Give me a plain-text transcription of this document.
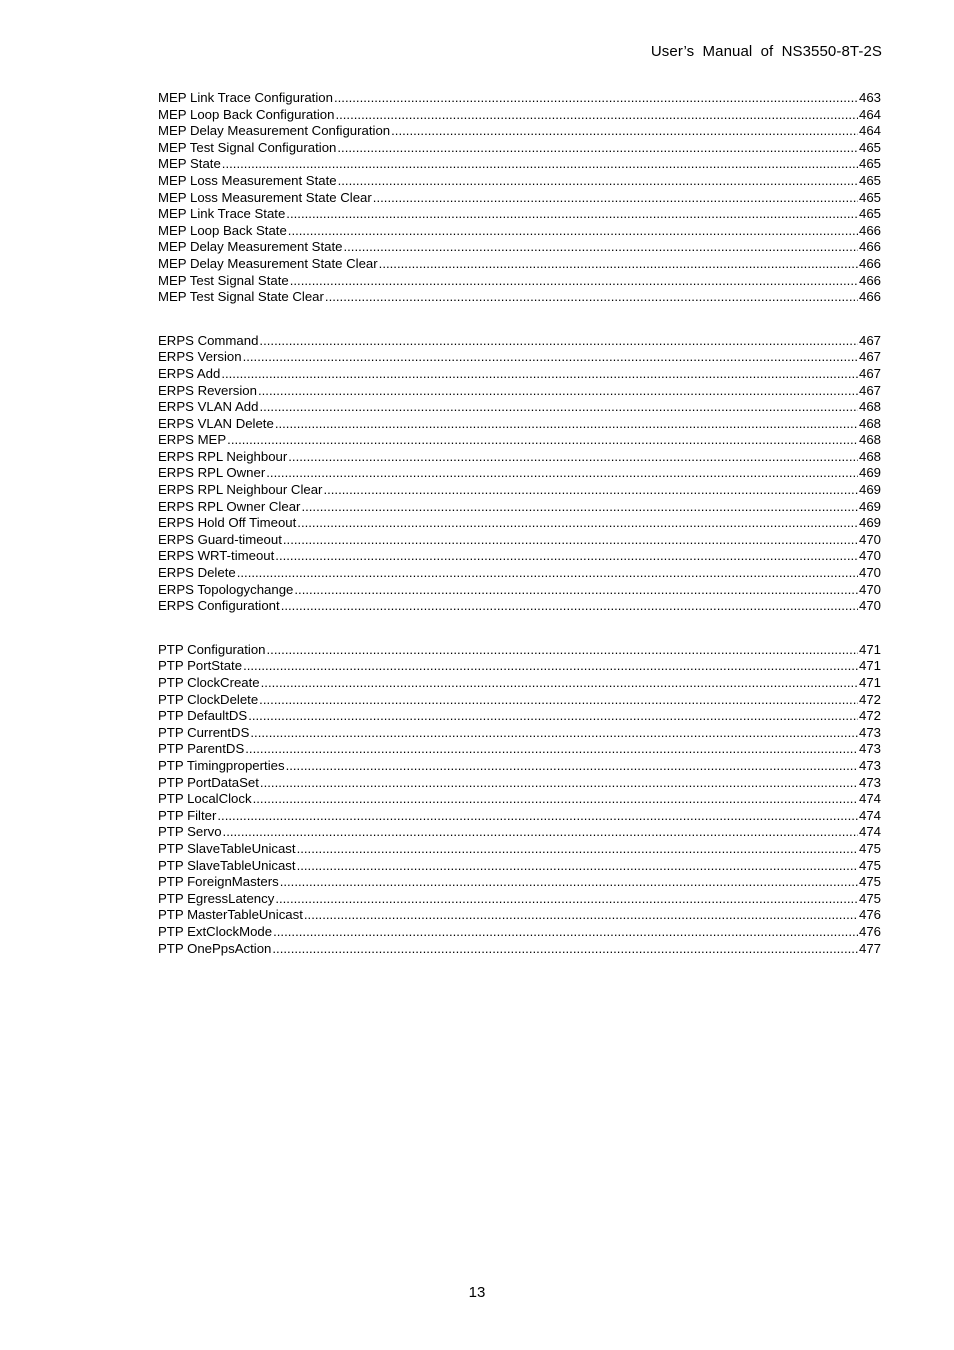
User’s Manual of NS3550-8T-2S
MEP Link Trace Configuration .....	463
MEP Loop Back Configuration .....	464
MEP Delay Measurement Configuration .....	464
MEP Test Signal Configuration .....	465
MEP State .....	465
MEP Loss Measurement State .....	465
MEP Loss Measurement State Clear .....	465
MEP Link Trace State .....	465
MEP Loop Back State .....	466
MEP Delay Measurement State .....	466
MEP Delay Measurement State Clear .....	466
MEP Test Signal State .....	466
MEP Test Signal State Clear .....	466
ERPS Command .....	467
ERPS Version .....	467
ERPS Add .....	467
ERPS Reversion .....	467
ERPS VLAN Add .....	468
ERPS VLAN Delete .....	468
ERPS MEP .....	468
ERPS RPL Neighbour .....	468
ERPS RPL Owner .....	469
ERPS RPL Neighbour Clear .....	469
ERPS RPL Owner Clear .....	469
ERPS Hold Off Timeout .....	469
ERPS Guard-timeout .....	470
ERPS WRT-timeout .....	470
ERPS Delete .....	470
ERPS Topologychange .....	470
ERPS Configurationt .....	470
PTP Configuration .....	471
PTP PortState .....	471
PTP ClockCreate .....	471
PTP ClockDelete .....	472
PTP DefaultDS .....	472
PTP CurrentDS .....	473
PTP ParentDS .....	473
PTP Timingproperties .....	473
PTP PortDataSet .....	473
PTP LocalClock .....	474
PTP Filter .....	474
PTP Servo .....	474
PTP SlaveTableUnicast .....	475
PTP SlaveTableUnicast .....	475
PTP ForeignMasters .....	475
PTP EgressLatency .....	475
PTP MasterTableUnicast .....	476
PTP ExtClockMode .....	476
PTP OnePpsAction .....	477
13
